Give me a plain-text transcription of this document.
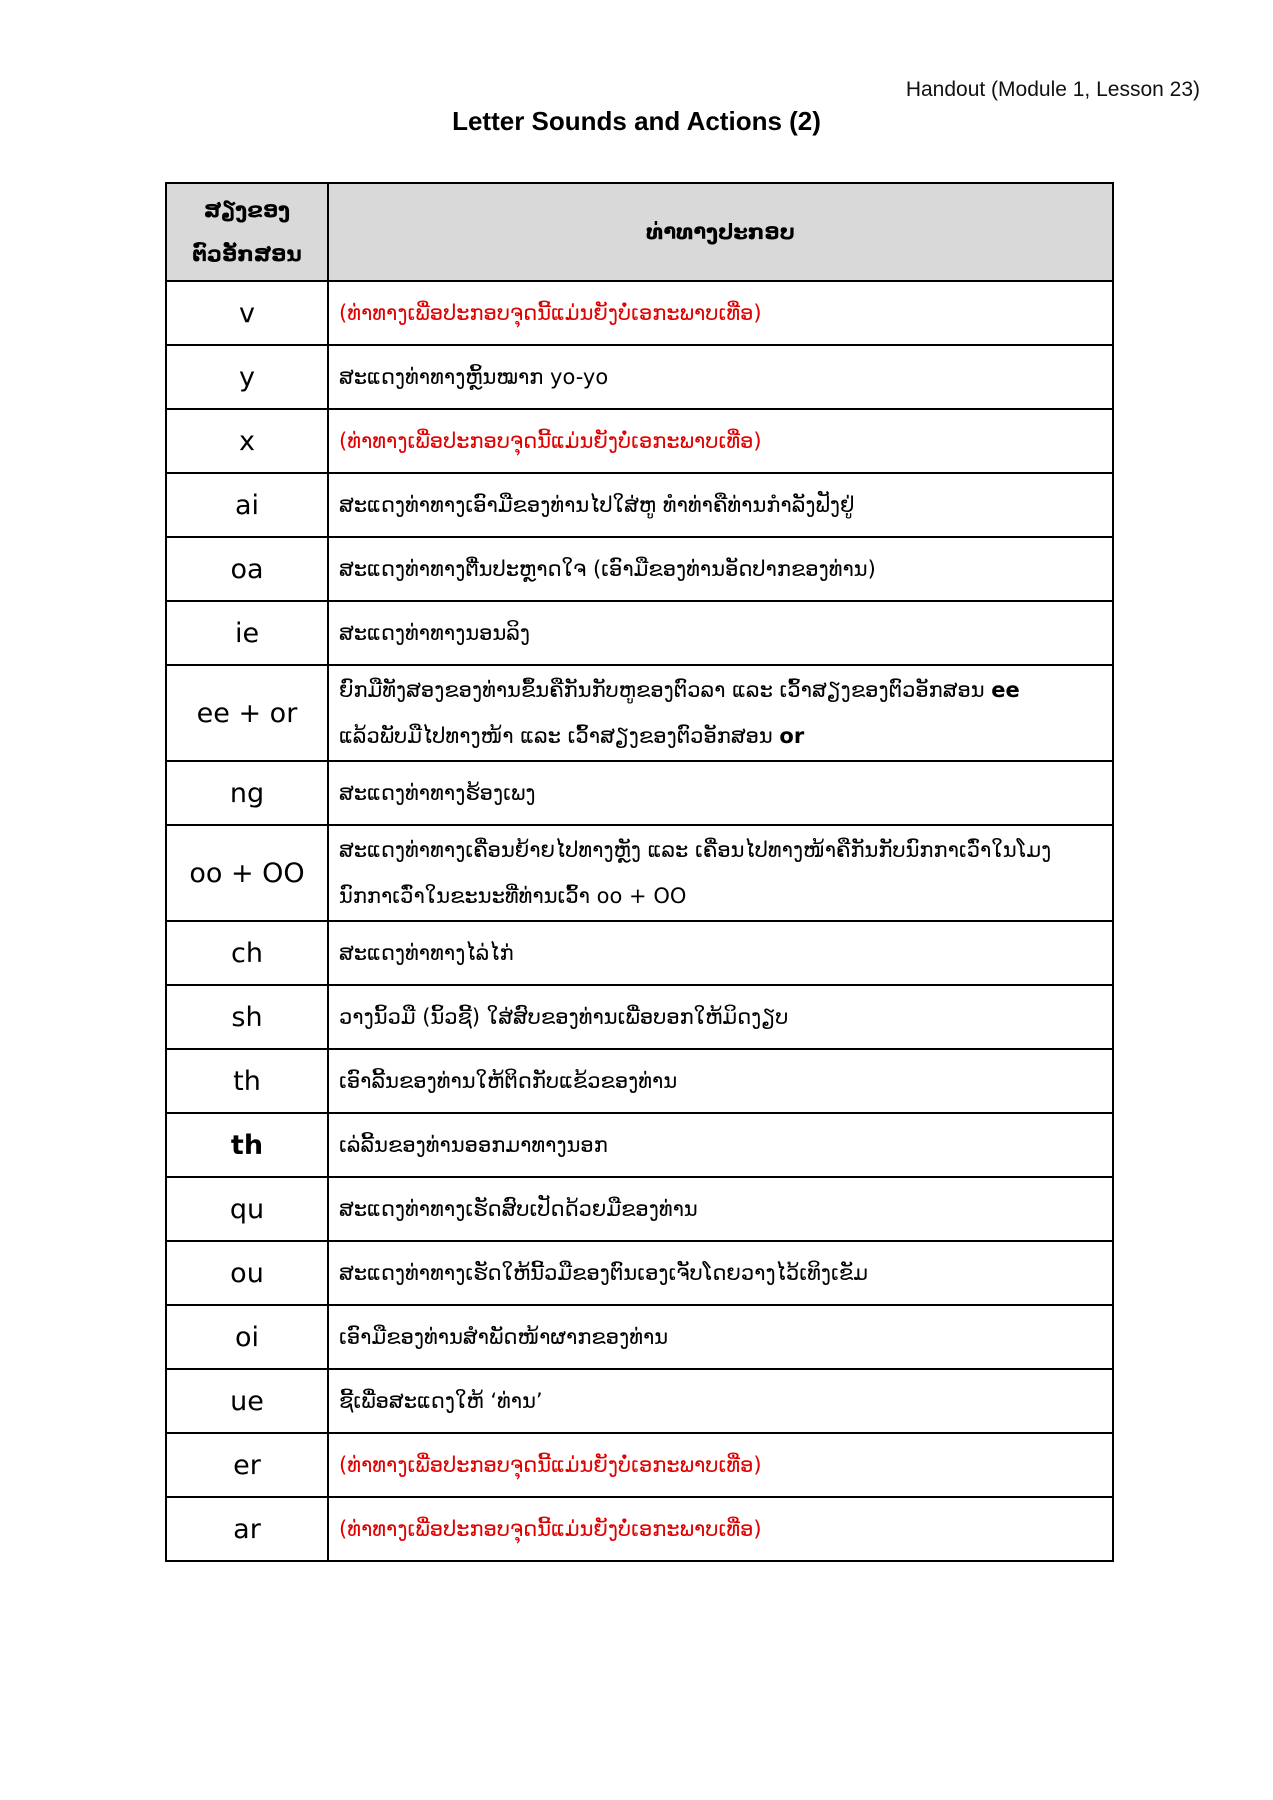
Handout (Module 1, Lesson 23)
Letter Sounds and Actions (2)
ສຽງຂອງ
ຕົວອັກສອນ	ທ່າທາງປະກອບ
v	(ທ່າທາງເພື່ອປະກອບຈຸດນີ້ແມ່ນຍັງບໍ່ເອກະພາບເທື່ອ)
y	ສະແດງທ່າທາງຫຼິ້ນໝາກ yo-yo
x	(ທ່າທາງເພື່ອປະກອບຈຸດນີ້ແມ່ນຍັງບໍ່ເອກະພາບເທື່ອ)
ai	ສະແດງທ່າທາງເອົາມືຂອງທ່ານໄປໃສ່ຫູ ທຳທ່າຄືທ່ານກຳລັງຟັງຢູ່
oa	ສະແດງທ່າທາງຕື່ນປະຫຼາດໃຈ (ເອົາມືຂອງທ່ານອັດປາກຂອງທ່ານ)
ie	ສະແດງທ່າທາງນອນລິງ
ee + or	ຍົກມືທັງສອງຂອງທ່ານຂຶ້ນຄືກັນກັບຫູຂອງຕົວລາ ແລະ ເວົ້າສຽງຂອງຕົວອັກສອນ ee
ແລ້ວພັບມືໄປທາງໜ້າ ແລະ ເວົ້າສຽງຂອງຕົວອັກສອນ or
ng	ສະແດງທ່າທາງຮ້ອງເພງ
oo + OO	ສະແດງທ່າທາງເຄື່ອນຍ້າຍໄປທາງຫຼັງ ແລະ ເຄື່ອນໄປທາງໜ້າຄືກັນກັບນົກກາເວົ່າໃນໂມງ
ນົກກາເວົ່າໃນຂະນະທີ່ທ່ານເວົ້າ oo + OO
ch	ສະແດງທ່າທາງໄລ່ໄກ່
sh	ວາງນິ້ວມື (ນິ້ວຊີ້) ໃສ່ສົບຂອງທ່ານເພື່ອບອກໃຫ້ມິດງຽບ
th	ເອົາລີ້ນຂອງທ່ານໃຫ້ຕິດກັບແຂ້ວຂອງທ່ານ
th	ເລ່ລີ້ນຂອງທ່ານອອກມາທາງນອກ
qu	ສະແດງທ່າທາງເຮັດສົບເປັດດ້ວຍມືຂອງທ່ານ
ou	ສະແດງທ່າທາງເຮັດໃຫ້ນີ້ວມືຂອງຕົນເອງເຈັບໂດຍວາງໄວ້ເທິງເຂັມ
oi	ເອົາມືຂອງທ່ານສຳພັດໜ້າຜາກຂອງທ່ານ
ue	ຊີ້ເພື່ອສະແດງໃຫ້ ‘ທ່ານ’
er	(ທ່າທາງເພື່ອປະກອບຈຸດນີ້ແມ່ນຍັງບໍ່ເອກະພາບເທື່ອ)
ar	(ທ່າທາງເພື່ອປະກອບຈຸດນີ້ແມ່ນຍັງບໍ່ເອກະພາບເທື່ອ)
